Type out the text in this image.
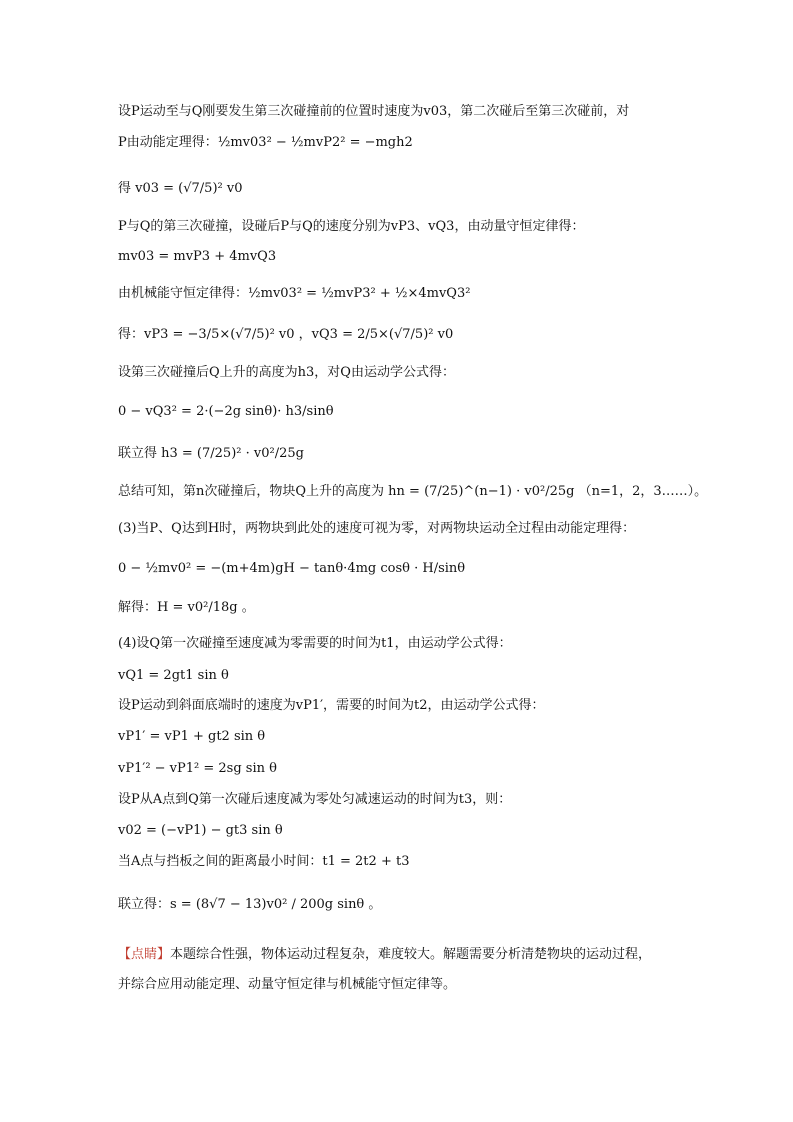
设P运动至与Q刚要发生第三次碰撞前的位置时速度为v03，第二次碰后至第三次碰前，对
P由动能定理得：½mv03² − ½mvP2² = −mgh2
得 v03 = (√7/5)² v0
P与Q的第三次碰撞，设碰后P与Q的速度分别为vP3、vQ3，由动量守恒定律得：
mv03 = mvP3 + 4mvQ3
由机械能守恒定律得：½mv03² = ½mvP3² + ½×4mvQ3²
得：vP3 = −3/5×(√7/5)² v0 ，vQ3 = 2/5×(√7/5)² v0
设第三次碰撞后Q上升的高度为h3，对Q由运动学公式得：
0 − vQ3² = 2·(−2g sinθ)· h3/sinθ
联立得 h3 = (7/25)² · v0²/25g
总结可知，第n次碰撞后，物块Q上升的高度为 hn = (7/25)^(n−1) · v0²/25g （n=1，2，3……）。
(3)当P、Q达到H时，两物块到此处的速度可视为零，对两物块运动全过程由动能定理得：
0 − ½mv0² = −(m+4m)gH − tanθ·4mg cosθ · H/sinθ
解得：H = v0²/18g 。
(4)设Q第一次碰撞至速度减为零需要的时间为t1，由运动学公式得：
vQ1 = 2gt1 sin θ
设P运动到斜面底端时的速度为vP1′，需要的时间为t2，由运动学公式得：
vP1′ = vP1 + gt2 sin θ
vP1′² − vP1² = 2sg sin θ
设P从A点到Q第一次碰后速度减为零处匀减速运动的时间为t3，则：
v02 = (−vP1) − gt3 sin θ
当A点与挡板之间的距离最小时间：t1 = 2t2 + t3
联立得：s = (8√7 − 13)v0² / 200g sinθ 。
【点睛】本题综合性强，物体运动过程复杂，难度较大。解题需要分析清楚物块的运动过程，
并综合应用动能定理、动量守恒定律与机械能守恒定律等。
